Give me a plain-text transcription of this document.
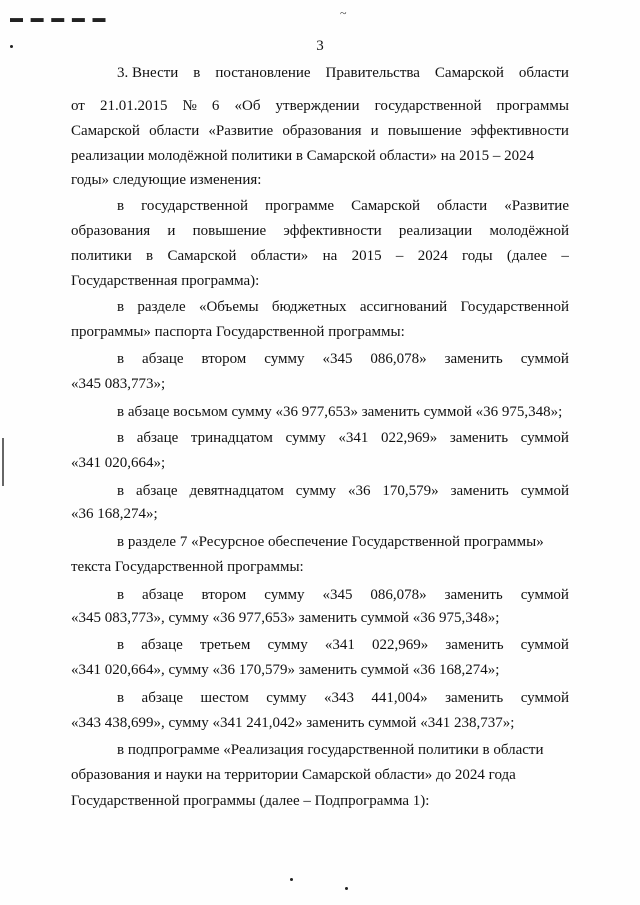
▬ ▬ ▬ ▬ ▬	~
3
3. Внести в постановление Правительства Самарской области
от 21.01.2015 № 6 «Об утверждении государственной программы
Самарской области «Развитие образования и повышение эффективности
реализации молодёжной политики в Самарской области» на 2015 – 2024
годы» следующие изменения:
в государственной программе Самарской области «Развитие
образования и повышение эффективности реализации молодёжной
политики в Самарской области» на 2015 – 2024 годы (далее –
Государственная программа):
в разделе «Объемы бюджетных ассигнований Государственной
программы» паспорта Государственной программы:
в абзаце втором сумму «345 086,078» заменить суммой
«345 083,773»;
в абзаце восьмом сумму «36 977,653» заменить суммой «36 975,348»;
в абзаце тринадцатом сумму «341 022,969» заменить суммой
«341 020,664»;
в абзаце девятнадцатом сумму «36 170,579» заменить суммой
«36 168,274»;
в разделе 7 «Ресурсное обеспечение Государственной программы»
текста Государственной программы:
в абзаце втором сумму «345 086,078» заменить суммой
«345 083,773», сумму «36 977,653» заменить суммой «36 975,348»;
в абзаце третьем сумму «341 022,969» заменить суммой
«341 020,664», сумму «36 170,579» заменить суммой «36 168,274»;
в абзаце шестом сумму «343 441,004» заменить суммой
«343 438,699», сумму «341 241,042» заменить суммой «341 238,737»;
в подпрограмме «Реализация государственной политики в области
образования и науки на территории Самарской области» до 2024 года
Государственной программы (далее – Подпрограмма 1):
